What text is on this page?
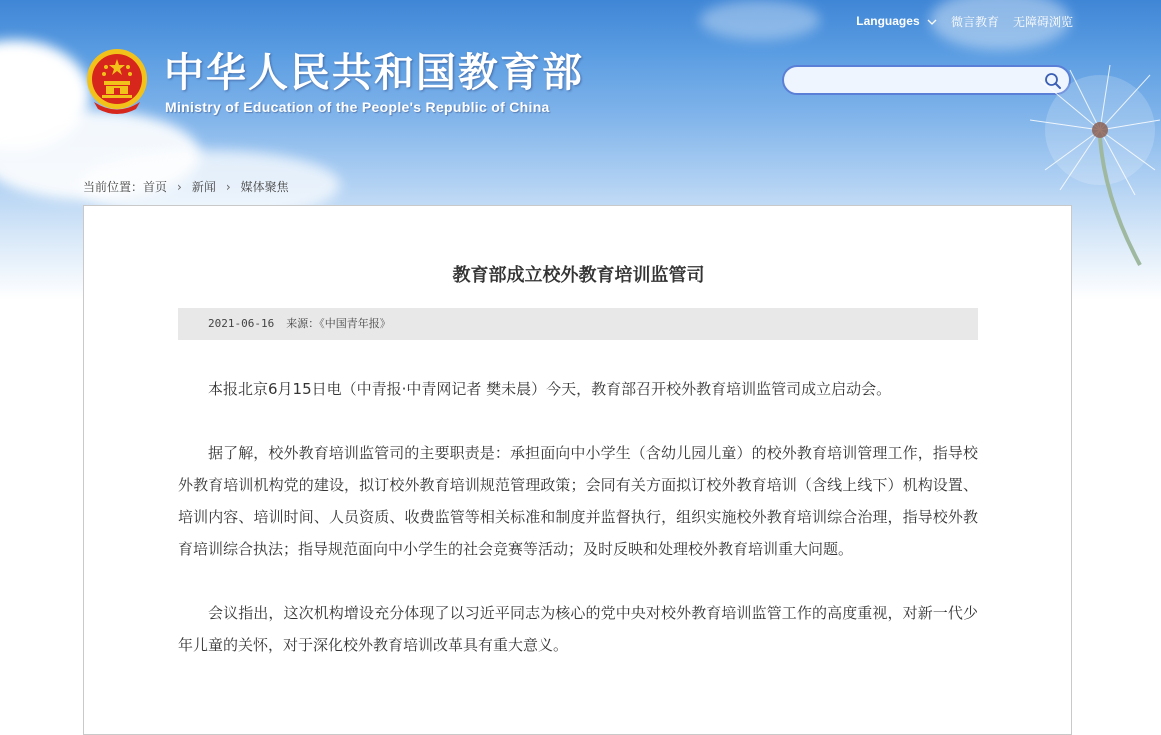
Languages	微言教育 无障碍浏览
中华人民共和国教育部
Ministry of Education of the People's Republic of China
当前位置： 首页 › 新闻 › 媒体聚焦
教育部成立校外教育培训监管司
2021-06-16 来源：《中国青年报》

本报北京6月15日电（中青报·中青网记者 樊未晨）今天，教育部召开校外教育培训监管司成立启动会。

据了解，校外教育培训监管司的主要职责是：承担面向中小学生（含幼儿园儿童）的校外教育培训管理工作，指导校外教育培训机构党的建设，拟订校外教育培训规范管理政策；会同有关方面拟订校外教育培训（含线上线下）机构设置、培训内容、培训时间、人员资质、收费监管等相关标准和制度并监督执行，组织实施校外教育培训综合治理，指导校外教育培训综合执法；指导规范面向中小学生的社会竞赛等活动；及时反映和处理校外教育培训重大问题。

会议指出，这次机构增设充分体现了以习近平同志为核心的党中央对校外教育培训监管工作的高度重视，对新一代少年儿童的关怀，对于深化校外教育培训改革具有重大意义。
